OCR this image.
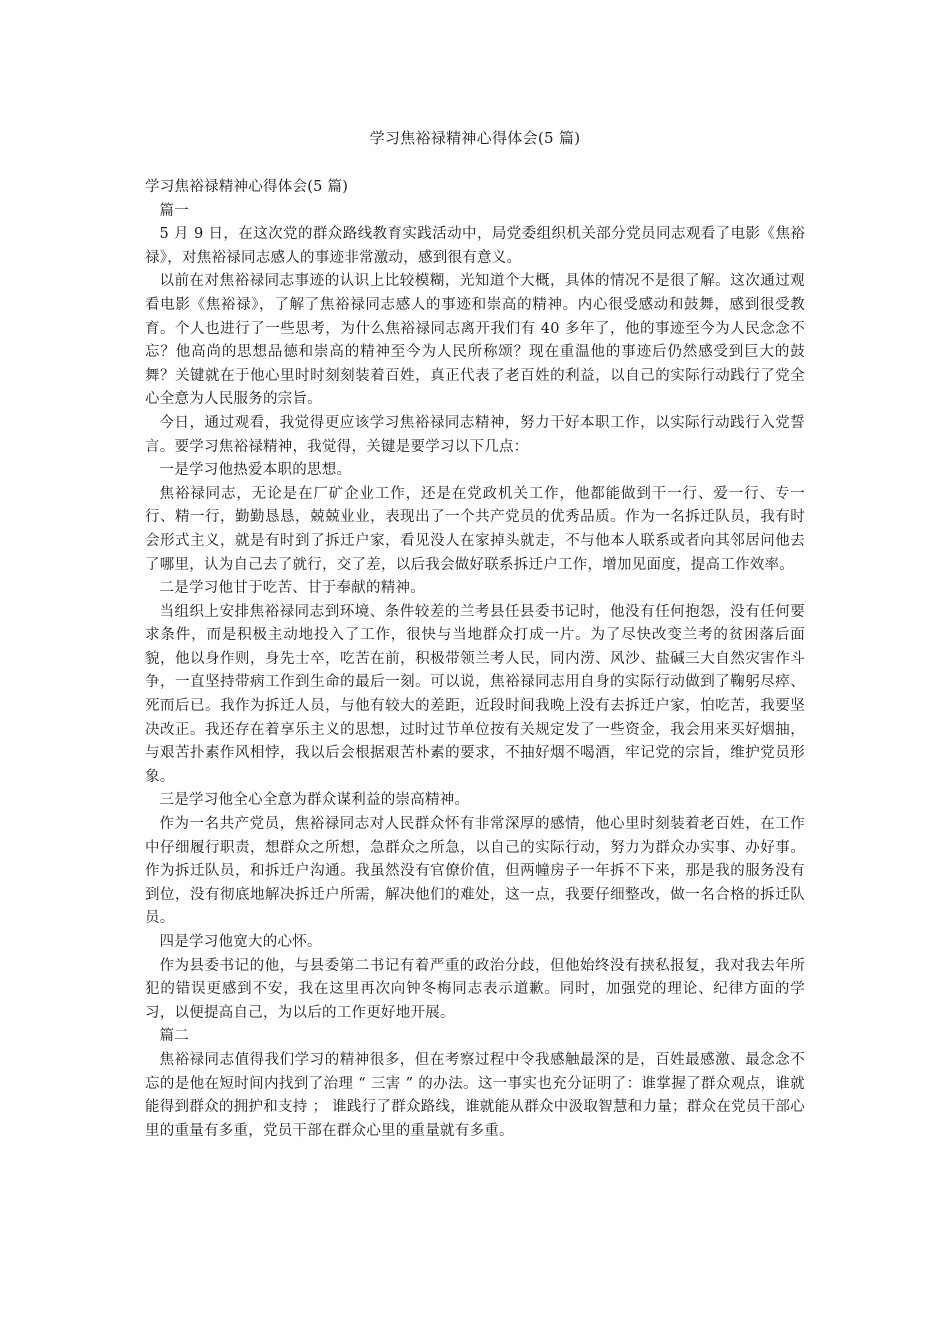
学习焦裕禄精神心得体会(5 篇)

学习焦裕禄精神心得体会(5 篇)

篇一

5 月 9 日，在这次党的群众路线教育实践活动中，局党委组织机关部分党员同志观看了电影《焦裕禄》，对焦裕禄同志感人的事迹非常激动，感到很有意义。

以前在对焦裕禄同志事迹的认识上比较模糊，光知道个大概，具体的情况不是很了解。这次通过观看电影《焦裕禄》，了解了焦裕禄同志感人的事迹和崇高的精神。内心很受感动和鼓舞，感到很受教育。个人也进行了一些思考，为什么焦裕禄同志离开我们有 40 多年了，他的事迹至今为人民念念不忘？他高尚的思想品德和崇高的精神至今为人民所称颂？现在重温他的事迹后仍然感受到巨大的鼓舞？关键就在于他心里时时刻刻装着百姓，真正代表了老百姓的利益，以自己的实际行动践行了党全心全意为人民服务的宗旨。

今日，通过观看，我觉得更应该学习焦裕禄同志精神，努力干好本职工作，以实际行动践行入党誓言。要学习焦裕禄精神，我觉得，关键是要学习以下几点：

一是学习他热爱本职的思想。

焦裕禄同志，无论是在厂矿企业工作，还是在党政机关工作，他都能做到干一行、爱一行、专一行、精一行，勤勤恳恳，兢兢业业，表现出了一个共产党员的优秀品质。作为一名拆迁队员，我有时会形式主义，就是有时到了拆迁户家，看见没人在家掉头就走，不与他本人联系或者向其邻居问他去了哪里，认为自己去了就行，交了差，以后我会做好联系拆迁户工作，增加见面度，提高工作效率。

二是学习他甘于吃苦、甘于奉献的精神。

当组织上安排焦裕禄同志到环境、条件较差的兰考县任县委书记时，他没有任何抱怨，没有任何要求条件，而是积极主动地投入了工作，很快与当地群众打成一片。为了尽快改变兰考的贫困落后面貌，他以身作则，身先士卒，吃苦在前，积极带领兰考人民，同内涝、风沙、盐碱三大自然灾害作斗争，一直坚持带病工作到生命的最后一刻。可以说，焦裕禄同志用自身的实际行动做到了鞠躬尽瘁、死而后已。我作为拆迁人员，与他有较大的差距，近段时间我晚上没有去拆迁户家，怕吃苦，我要坚决改正。我还存在着享乐主义的思想，过时过节单位按有关规定发了一些资金，我会用来买好烟抽，与艰苦扑素作风相悖，我以后会根据艰苦朴素的要求，不抽好烟不喝酒，牢记党的宗旨，维护党员形象。

三是学习他全心全意为群众谋利益的崇高精神。

作为一名共产党员，焦裕禄同志对人民群众怀有非常深厚的感情，他心里时刻装着老百姓，在工作中仔细履行职责，想群众之所想，急群众之所急，以自己的实际行动，努力为群众办实事、办好事。作为拆迁队员，和拆迁户沟通。我虽然没有官僚价值，但两幢房子一年拆不下来，那是我的服务没有到位，没有彻底地解决拆迁户所需，解决他们的难处，这一点，我要仔细整改，做一名合格的拆迁队员。

四是学习他宽大的心怀。

作为县委书记的他，与县委第二书记有着严重的政治分歧，但他始终没有挟私报复，我对我去年所犯的错误更感到不安，我在这里再次向钟冬梅同志表示道歉。同时，加强党的理论、纪律方面的学习，以便提高自己，为以后的工作更好地开展。

篇二

焦裕禄同志值得我们学习的精神很多，但在考察过程中令我感触最深的是，百姓最感激、最念念不忘的是他在短时间内找到了治理 “ 三害 ” 的办法。这一事实也充分证明了：谁掌握了群众观点，谁就能得到群众的拥护和支持 ； 谁践行了群众路线，谁就能从群众中汲取智慧和力量；群众在党员干部心里的重量有多重，党员干部在群众心里的重量就有多重。
